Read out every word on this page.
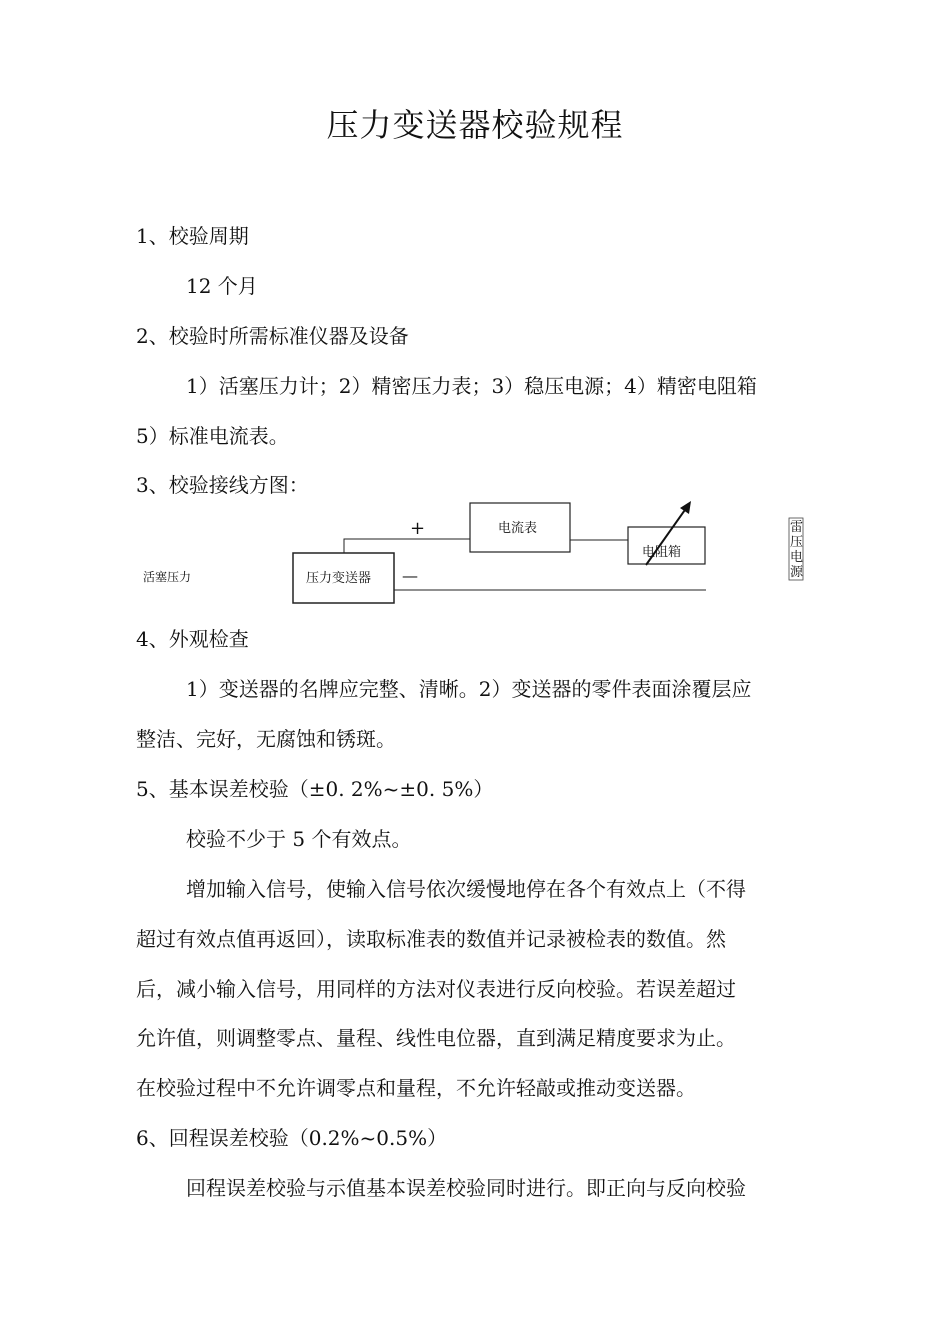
压力变送器校验规程
1、校验周期
12 个月
2、校验时所需标准仪器及设备
1）活塞压力计；2）精密压力表；3）稳压电源；4）精密电阻箱
5）标准电流表。
3、校验接线方图：
活塞压力	压力变送器
电流表
电阻箱
+
—
雷压电源
4、外观检查
1）变送器的名牌应完整、清晰。2）变送器的零件表面涂覆层应
整洁、完好，无腐蚀和锈斑。
5、基本误差校验（±0. 2%~±0. 5%）
校验不少于 5 个有效点。
增加输入信号，使输入信号依次缓慢地停在各个有效点上（不得
超过有效点值再返回），读取标准表的数值并记录被检表的数值。然
后，减小输入信号，用同样的方法对仪表进行反向校验。若误差超过
允许值，则调整零点、量程、线性电位器，直到满足精度要求为止。
在校验过程中不允许调零点和量程，不允许轻敲或推动变送器。
6、回程误差校验（0.2%~0.5%）
回程误差校验与示值基本误差校验同时进行。即正向与反向校验
